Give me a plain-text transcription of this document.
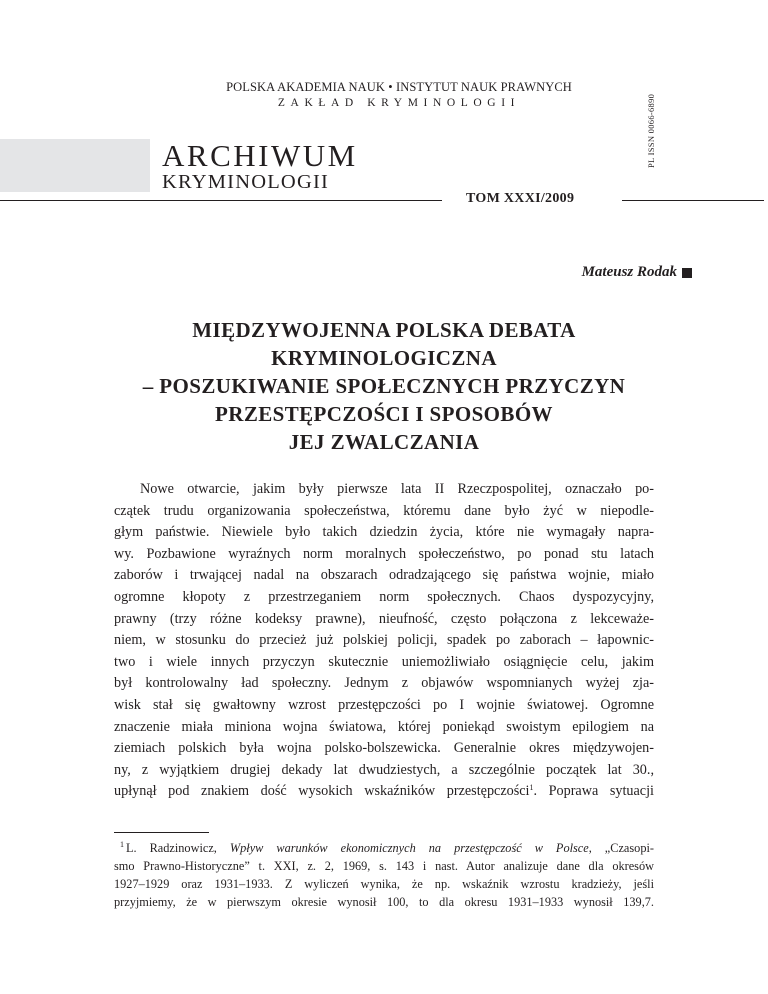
PL ISSN 0066-6890
POLSKA AKADEMIA NAUK • INSTYTUT NAUK PRAWNYCH
ZAKŁAD KRYMINOLOGII
ARCHIWUM
KRYMINOLOGII
TOM XXXI/2009
Mateusz Rodak
MIĘDZYWOJENNA POLSKA DEBATA
KRYMINOLOGICZNA
– POSZUKIWANIE SPOŁECZNYCH PRZYCZYN
PRZESTĘPCZOŚCI I SPOSOBÓW
JEJ ZWALCZANIA
Nowe otwarcie, jakim były pierwsze lata II Rzeczpospolitej, oznaczało po-
czątek trudu organizowania społeczeństwa, któremu dane było żyć w niepodle-
głym państwie. Niewiele było takich dziedzin życia, które nie wymagały napra-
wy. Pozbawione wyraźnych norm moralnych społeczeństwo, po ponad stu latach
zaborów i trwającej nadal na obszarach odradzającego się państwa wojnie, miało
ogromne kłopoty z przestrzeganiem norm społecznych. Chaos dyspozycyjny,
prawny (trzy różne kodeksy prawne), nieufność, często połączona z lekceważe-
niem, w stosunku do przecież już polskiej policji, spadek po zaborach – łapownic-
two i wiele innych przyczyn skutecznie uniemożliwiało osiągnięcie celu, jakim
był kontrolowalny ład społeczny. Jednym z objawów wspomnianych wyżej zja-
wisk stał się gwałtowny wzrost przestępczości po I wojnie światowej. Ogromne
znaczenie miała miniona wojna światowa, której poniekąd swoistym epilogiem na
ziemiach polskich była wojna polsko-bolszewicka. Generalnie okres międzywojen-
ny, z wyjątkiem drugiej dekady lat dwudziestych, a szczególnie początek lat 30.,
upłynął pod znakiem dość wysokich wskaźników przestępczości$^1$. Poprawa sytuacji
$^1$ L. Radzinowicz, Wpływ warunków ekonomicznych na przestępczość w Polsce, „Czasopi-
smo Prawno-Historyczne” t. XXI, z. 2, 1969, s. 143 i nast. Autor analizuje dane dla okresów
1927–1929 oraz 1931–1933. Z wyliczeń wynika, że np. wskaźnik wzrostu kradzieży, jeśli
przyjmiemy, że w pierwszym okresie wynosił 100, to dla okresu 1931–1933 wynosił 139,7.
